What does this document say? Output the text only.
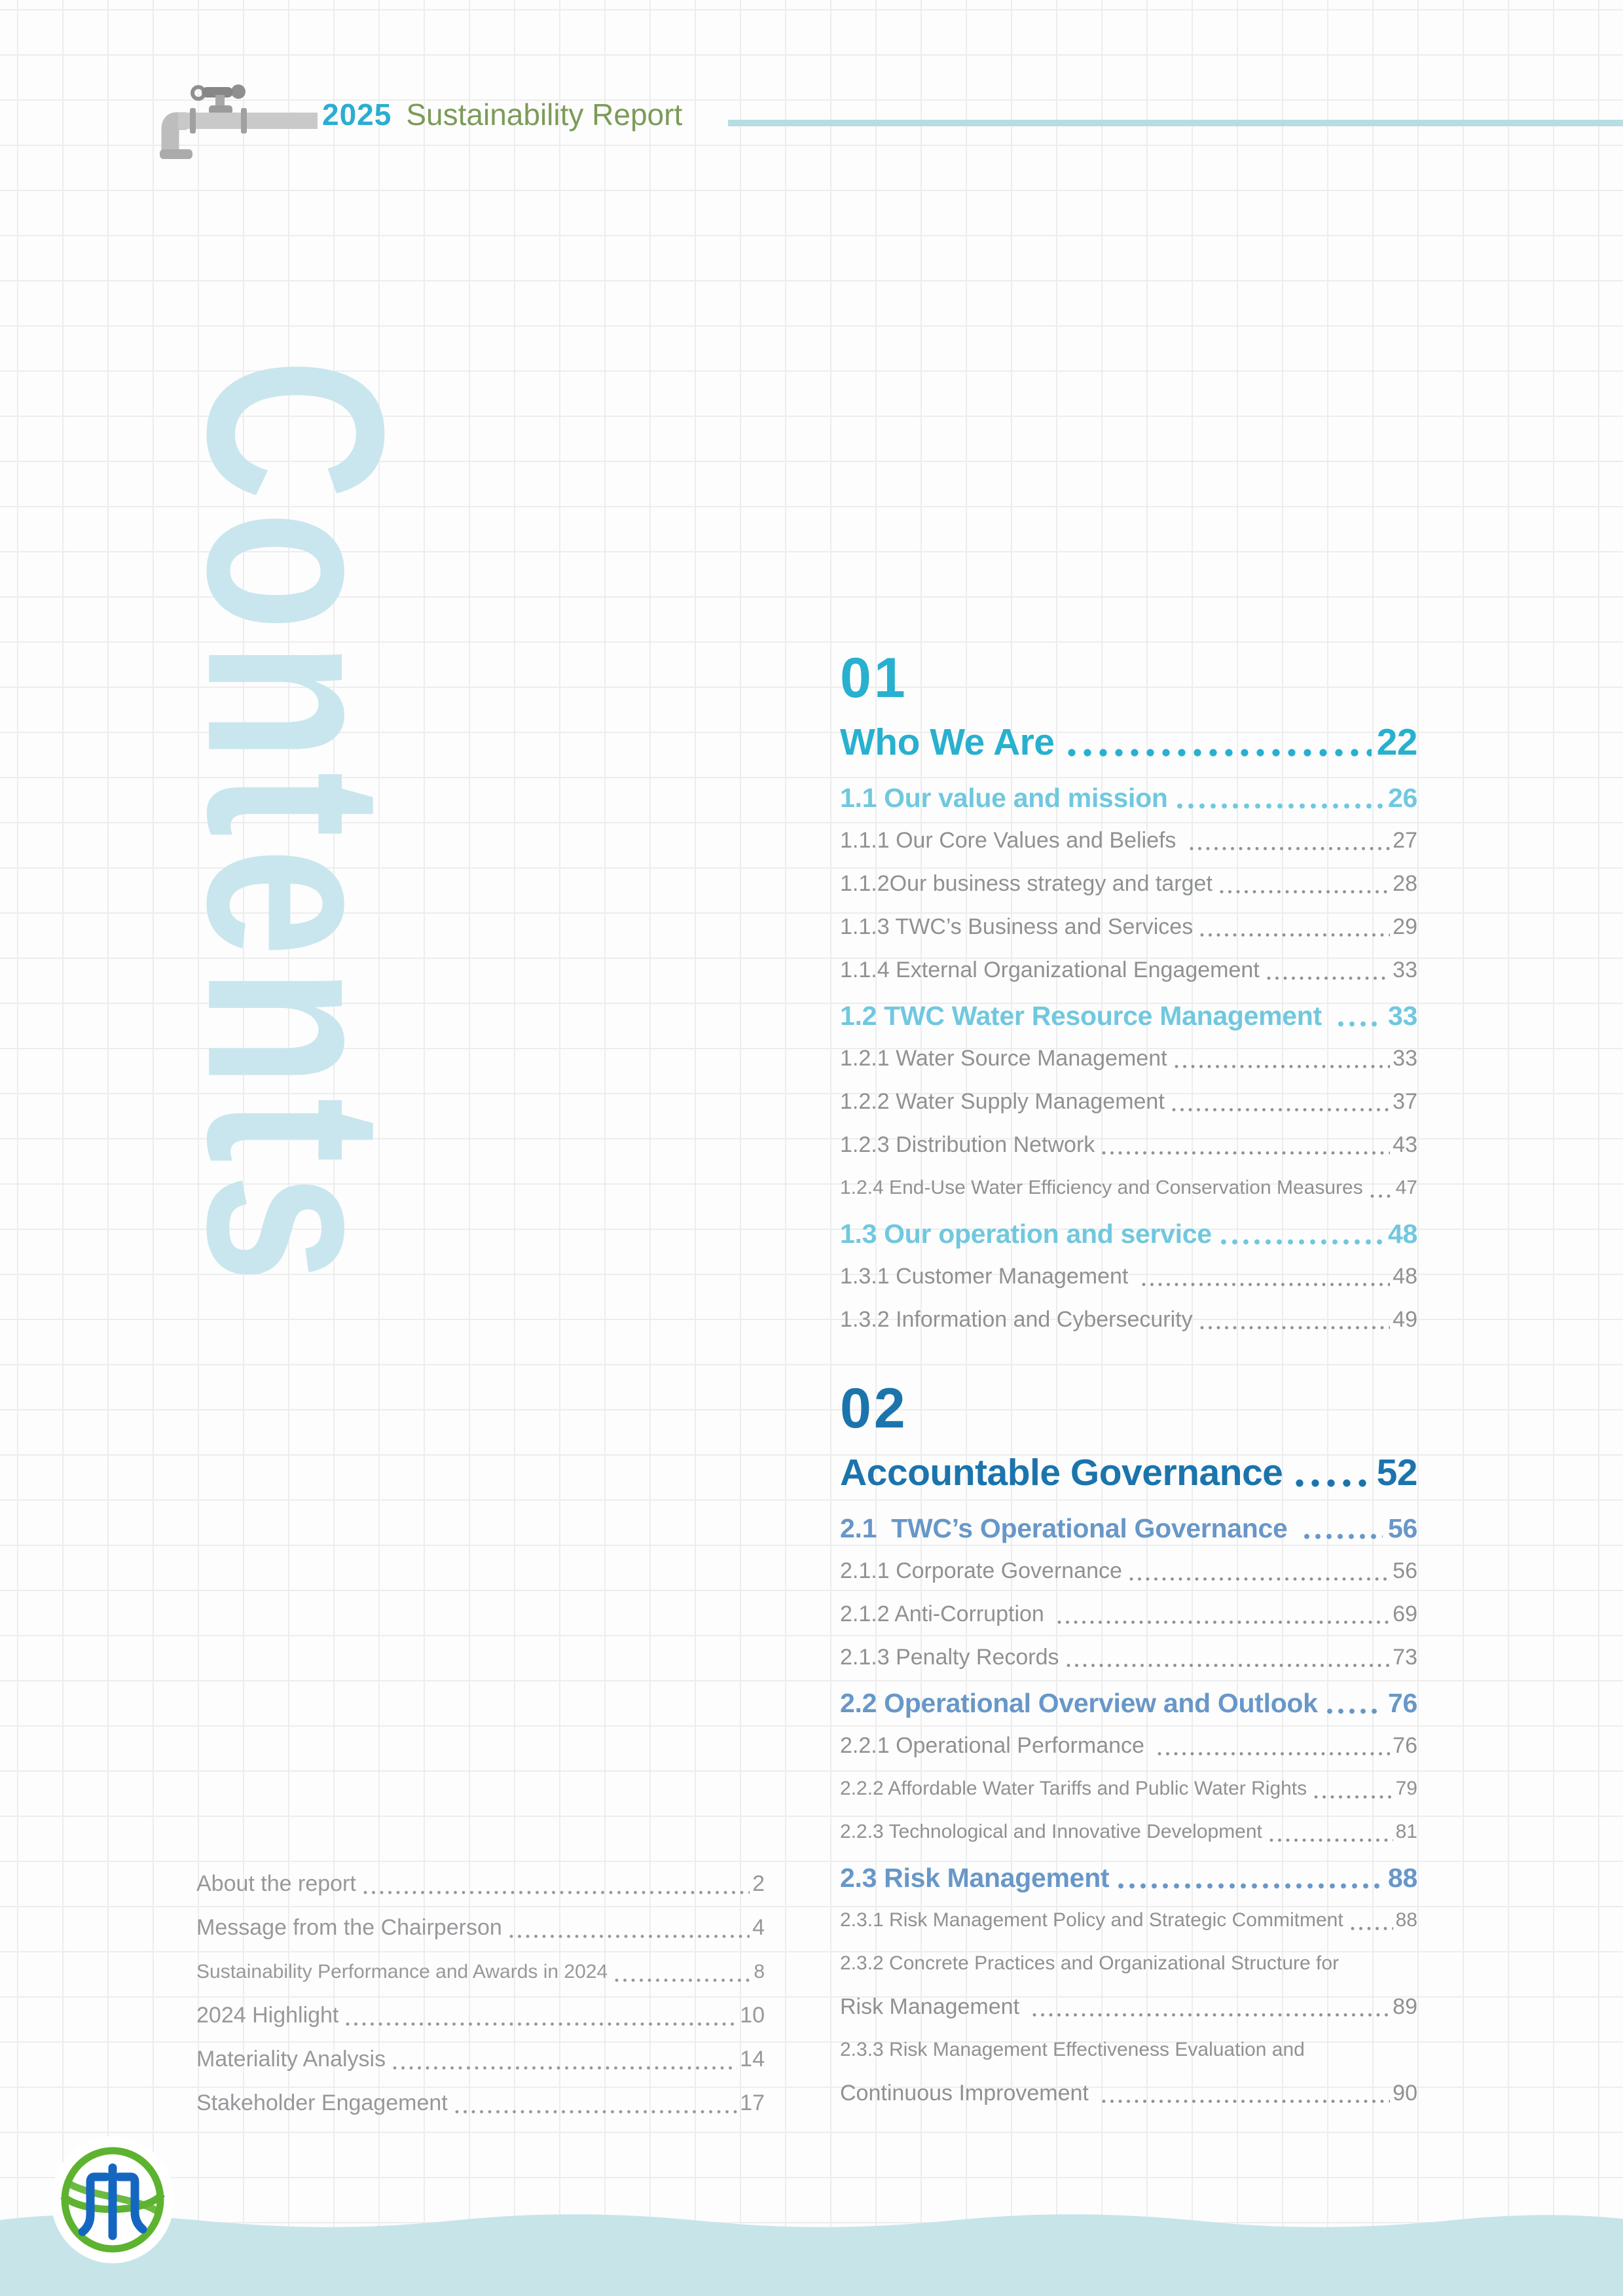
2025 Sustainability Report
Contents	01
Who We Are	22
1.1 Our value and mission	26
1.1.1 Our Core Values and Beliefs	27
1.1.2Our business strategy and target	28
1.1.3 TWC’s Business and Services	29
1.1.4 External Organizational Engagement	33
1.2 TWC Water Resource Management 33
1.2.1 Water Source Management	33
1.2.2 Water Supply Management	37
1.2.3 Distribution Network	43
1.2.4 End-Use Water Efficiency and Conservation Measures 47
1.3 Our operation and service	48
1.3.1 Customer Management	48
1.3.2 Information and Cybersecurity	49
02
Accountable Governance	52
2.1  TWC’s Operational Governance	56
2.1.1 Corporate Governance	56
2.1.2 Anti-Corruption	69
2.1.3 Penalty Records	73
2.2 Operational Overview and Outlook	76
2.2.1 Operational Performance	76
2.2.2 Affordable Water Tariffs and Public Water Rights	79
2.2.3 Technological and Innovative Development	81
2.3 Risk Management	88
2.3.1 Risk Management Policy and Strategic Commitment	88
2.3.2 Concrete Practices and Organizational Structure for
Risk Management	89
2.3.3 Risk Management Effectiveness Evaluation and
Continuous Improvement	90
About the report	2
Message from the Chairperson	4
Sustainability Performance and Awards in 2024	8
2024 Highlight	10
Materiality Analysis	14
Stakeholder Engagement	17
